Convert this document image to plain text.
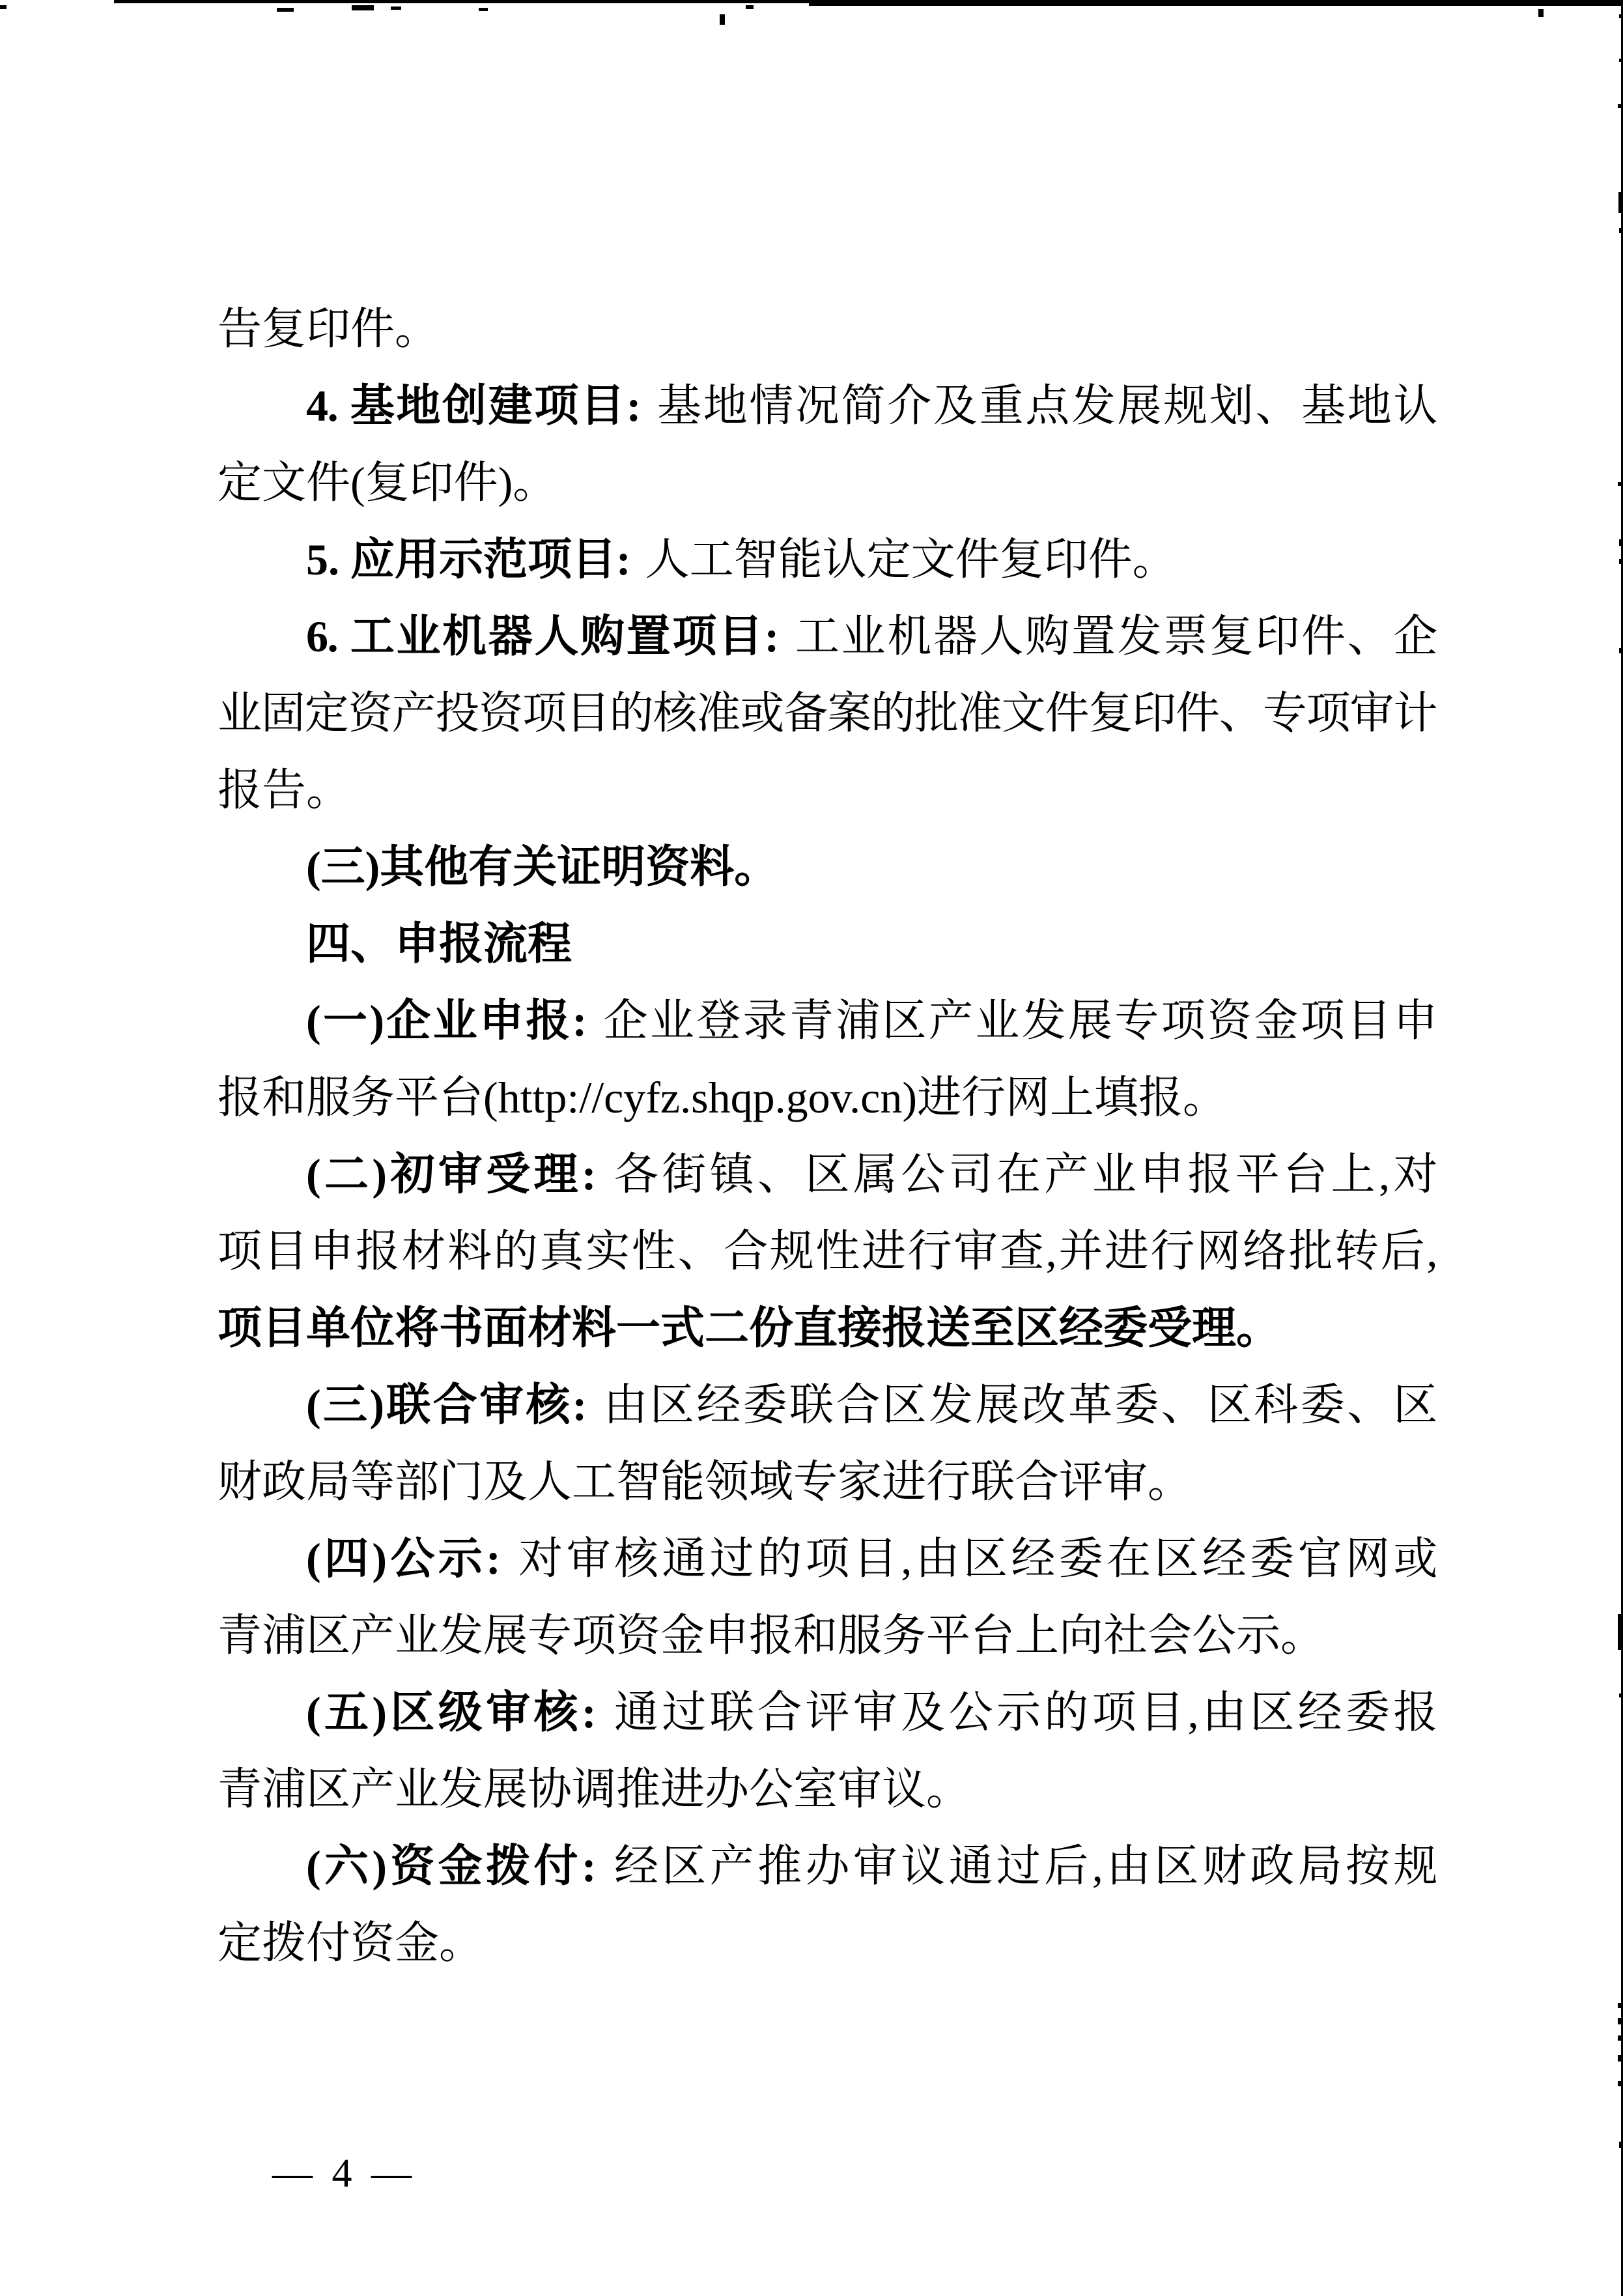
告复印件。
4. 基地创建项目: 基地情况简介及重点发展规划、基地认
定文件(复印件)。
5. 应用示范项目: 人工智能认定文件复印件。
6. 工业机器人购置项目: 工业机器人购置发票复印件、企
业固定资产投资项目的核准或备案的批准文件复印件、专项审计
报告。
(三)其他有关证明资料。
四、申报流程
(一)企业申报: 企业登录青浦区产业发展专项资金项目申
报和服务平台(http://cyfz.shqp.gov.cn)进行网上填报。
(二)初审受理: 各街镇、区属公司在产业申报平台上,对
项目申报材料的真实性、合规性进行审查,并进行网络批转后,
项目单位将书面材料一式二份直接报送至区经委受理。
(三)联合审核: 由区经委联合区发展改革委、区科委、区
财政局等部门及人工智能领域专家进行联合评审。
(四)公示: 对审核通过的项目,由区经委在区经委官网或
青浦区产业发展专项资金申报和服务平台上向社会公示。
(五)区级审核: 通过联合评审及公示的项目,由区经委报
青浦区产业发展协调推进办公室审议。
(六)资金拨付: 经区产推办审议通过后,由区财政局按规
定拨付资金。
— 4 —
